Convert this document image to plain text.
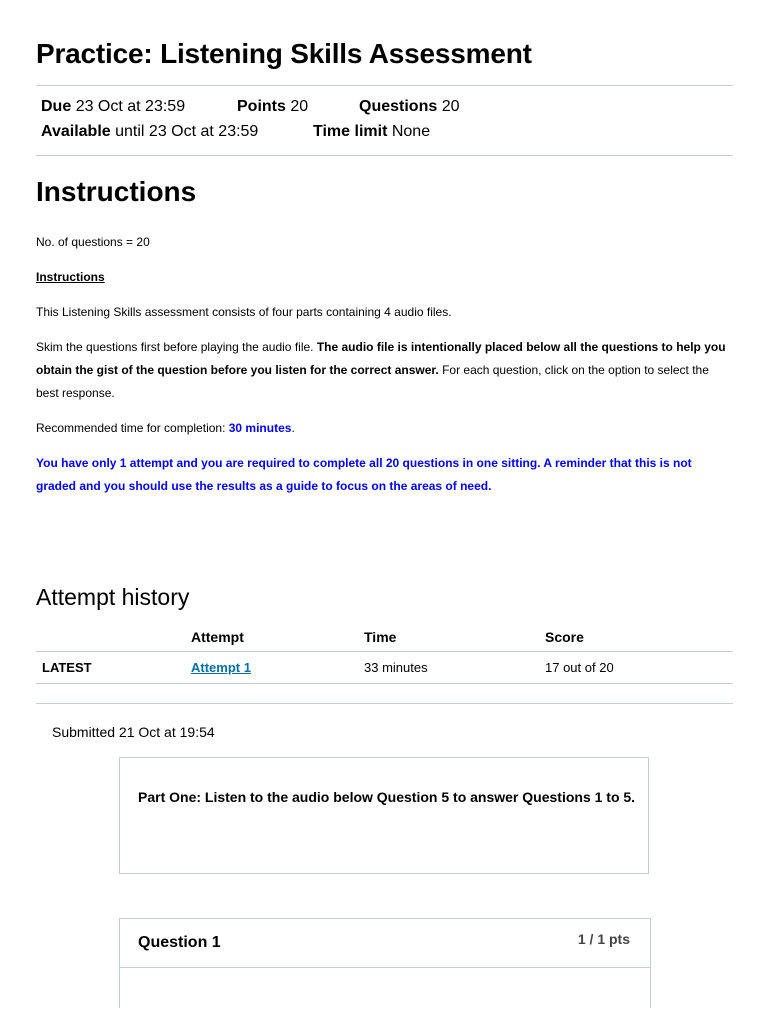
Practice: Listening Skills Assessment
Due 23 Oct at 23:59	Points 20	Questions 20
Available until 23 Oct at 23:59	Time limit None
Instructions

No. of questions = 20

Instructions

This Listening Skills assessment consists of four parts containing 4 audio files.

Skim the questions first before playing the audio file. The audio file is intentionally placed below all the questions to help you obtain the gist of the question before you listen for the correct answer. For each question, click on the option to select the best response.

Recommended time for completion: 30 minutes.

You have only 1 attempt and you are required to complete all 20 questions in one sitting. A reminder that this is not graded and you should use the results as a guide to focus on the areas of need.

Attempt history
	Attempt	Time	Score
LATEST	Attempt 1	33 minutes	17 out of 20
Submitted 21 Oct at 19:54

Part One: Listen to the audio below Question 5 to answer Questions 1 to 5.

Question 1	1 / 1 pts
